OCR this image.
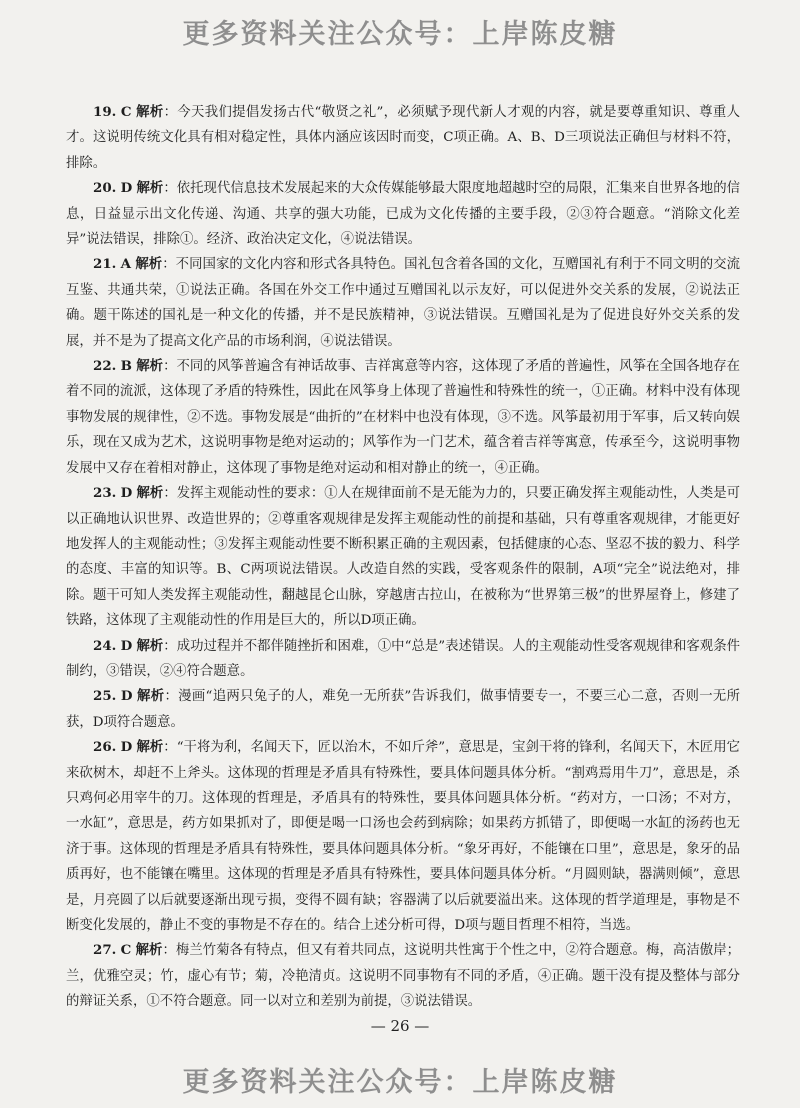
更多资料关注公众号：上岸陈皮糖

19. C 解析：今天我们提倡发扬古代“敬贤之礼”，必须赋予现代新人才观的内容，就是要尊重知识、尊重人才。这说明传统文化具有相对稳定性，具体内涵应该因时而变，C项正确。A、B、D三项说法正确但与材料不符，排除。

20. D 解析：依托现代信息技术发展起来的大众传媒能够最大限度地超越时空的局限，汇集来自世界各地的信息，日益显示出文化传递、沟通、共享的强大功能，已成为文化传播的主要手段，②③符合题意。“消除文化差异”说法错误，排除①。经济、政治决定文化，④说法错误。

21. A 解析：不同国家的文化内容和形式各具特色。国礼包含着各国的文化，互赠国礼有利于不同文明的交流互鉴、共通共荣，①说法正确。各国在外交工作中通过互赠国礼以示友好，可以促进外交关系的发展，②说法正确。题干陈述的国礼是一种文化的传播，并不是民族精神，③说法错误。互赠国礼是为了促进良好外交关系的发展，并不是为了提高文化产品的市场利润，④说法错误。

22. B 解析：不同的风筝普遍含有神话故事、吉祥寓意等内容，这体现了矛盾的普遍性，风筝在全国各地存在着不同的流派，这体现了矛盾的特殊性，因此在风筝身上体现了普遍性和特殊性的统一，①正确。材料中没有体现事物发展的规律性，②不选。事物发展是“曲折的”在材料中也没有体现，③不选。风筝最初用于军事，后又转向娱乐，现在又成为艺术，这说明事物是绝对运动的；风筝作为一门艺术，蕴含着吉祥等寓意，传承至今，这说明事物发展中又存在着相对静止，这体现了事物是绝对运动和相对静止的统一，④正确。

23. D 解析：发挥主观能动性的要求：①人在规律面前不是无能为力的，只要正确发挥主观能动性，人类是可以正确地认识世界、改造世界的；②尊重客观规律是发挥主观能动性的前提和基础，只有尊重客观规律，才能更好地发挥人的主观能动性；③发挥主观能动性要不断积累正确的主观因素，包括健康的心态、坚忍不拔的毅力、科学的态度、丰富的知识等。B、C两项说法错误。人改造自然的实践，受客观条件的限制，A项“完全”说法绝对，排除。题干可知人类发挥主观能动性，翻越昆仑山脉，穿越唐古拉山，在被称为“世界第三极”的世界屋脊上，修建了铁路，这体现了主观能动性的作用是巨大的，所以D项正确。

24. D 解析：成功过程并不都伴随挫折和困难，①中“总是”表述错误。人的主观能动性受客观规律和客观条件制约，③错误，②④符合题意。

25. D 解析：漫画“追两只兔子的人，难免一无所获”告诉我们，做事情要专一，不要三心二意，否则一无所获，D项符合题意。

26. D 解析：“干将为利，名闻天下，匠以治木，不如斤斧”，意思是，宝剑干将的锋利，名闻天下，木匠用它来砍树木，却赶不上斧头。这体现的哲理是矛盾具有特殊性，要具体问题具体分析。“割鸡焉用牛刀”，意思是，杀只鸡何必用宰牛的刀。这体现的哲理是，矛盾具有的特殊性，要具体问题具体分析。“药对方，一口汤；不对方，一水缸”，意思是，药方如果抓对了，即便是喝一口汤也会药到病除；如果药方抓错了，即便喝一水缸的汤药也无济于事。这体现的哲理是矛盾具有特殊性，要具体问题具体分析。“象牙再好，不能镶在口里”，意思是，象牙的品质再好，也不能镶在嘴里。这体现的哲理是矛盾具有特殊性，要具体问题具体分析。“月圆则缺，器满则倾”，意思是，月亮圆了以后就要逐渐出现亏损，变得不圆有缺；容器满了以后就要溢出来。这体现的哲学道理是，事物是不断变化发展的，静止不变的事物是不存在的。结合上述分析可得，D项与题目哲理不相符，当选。

27. C 解析：梅兰竹菊各有特点，但又有着共同点，这说明共性寓于个性之中，②符合题意。梅，高洁傲岸；兰，优雅空灵；竹，虚心有节；菊，冷艳清贞。这说明不同事物有不同的矛盾，④正确。题干没有提及整体与部分的辩证关系，①不符合题意。同一以对立和差别为前提，③说法错误。

— 26 —
更多资料关注公众号：上岸陈皮糖
